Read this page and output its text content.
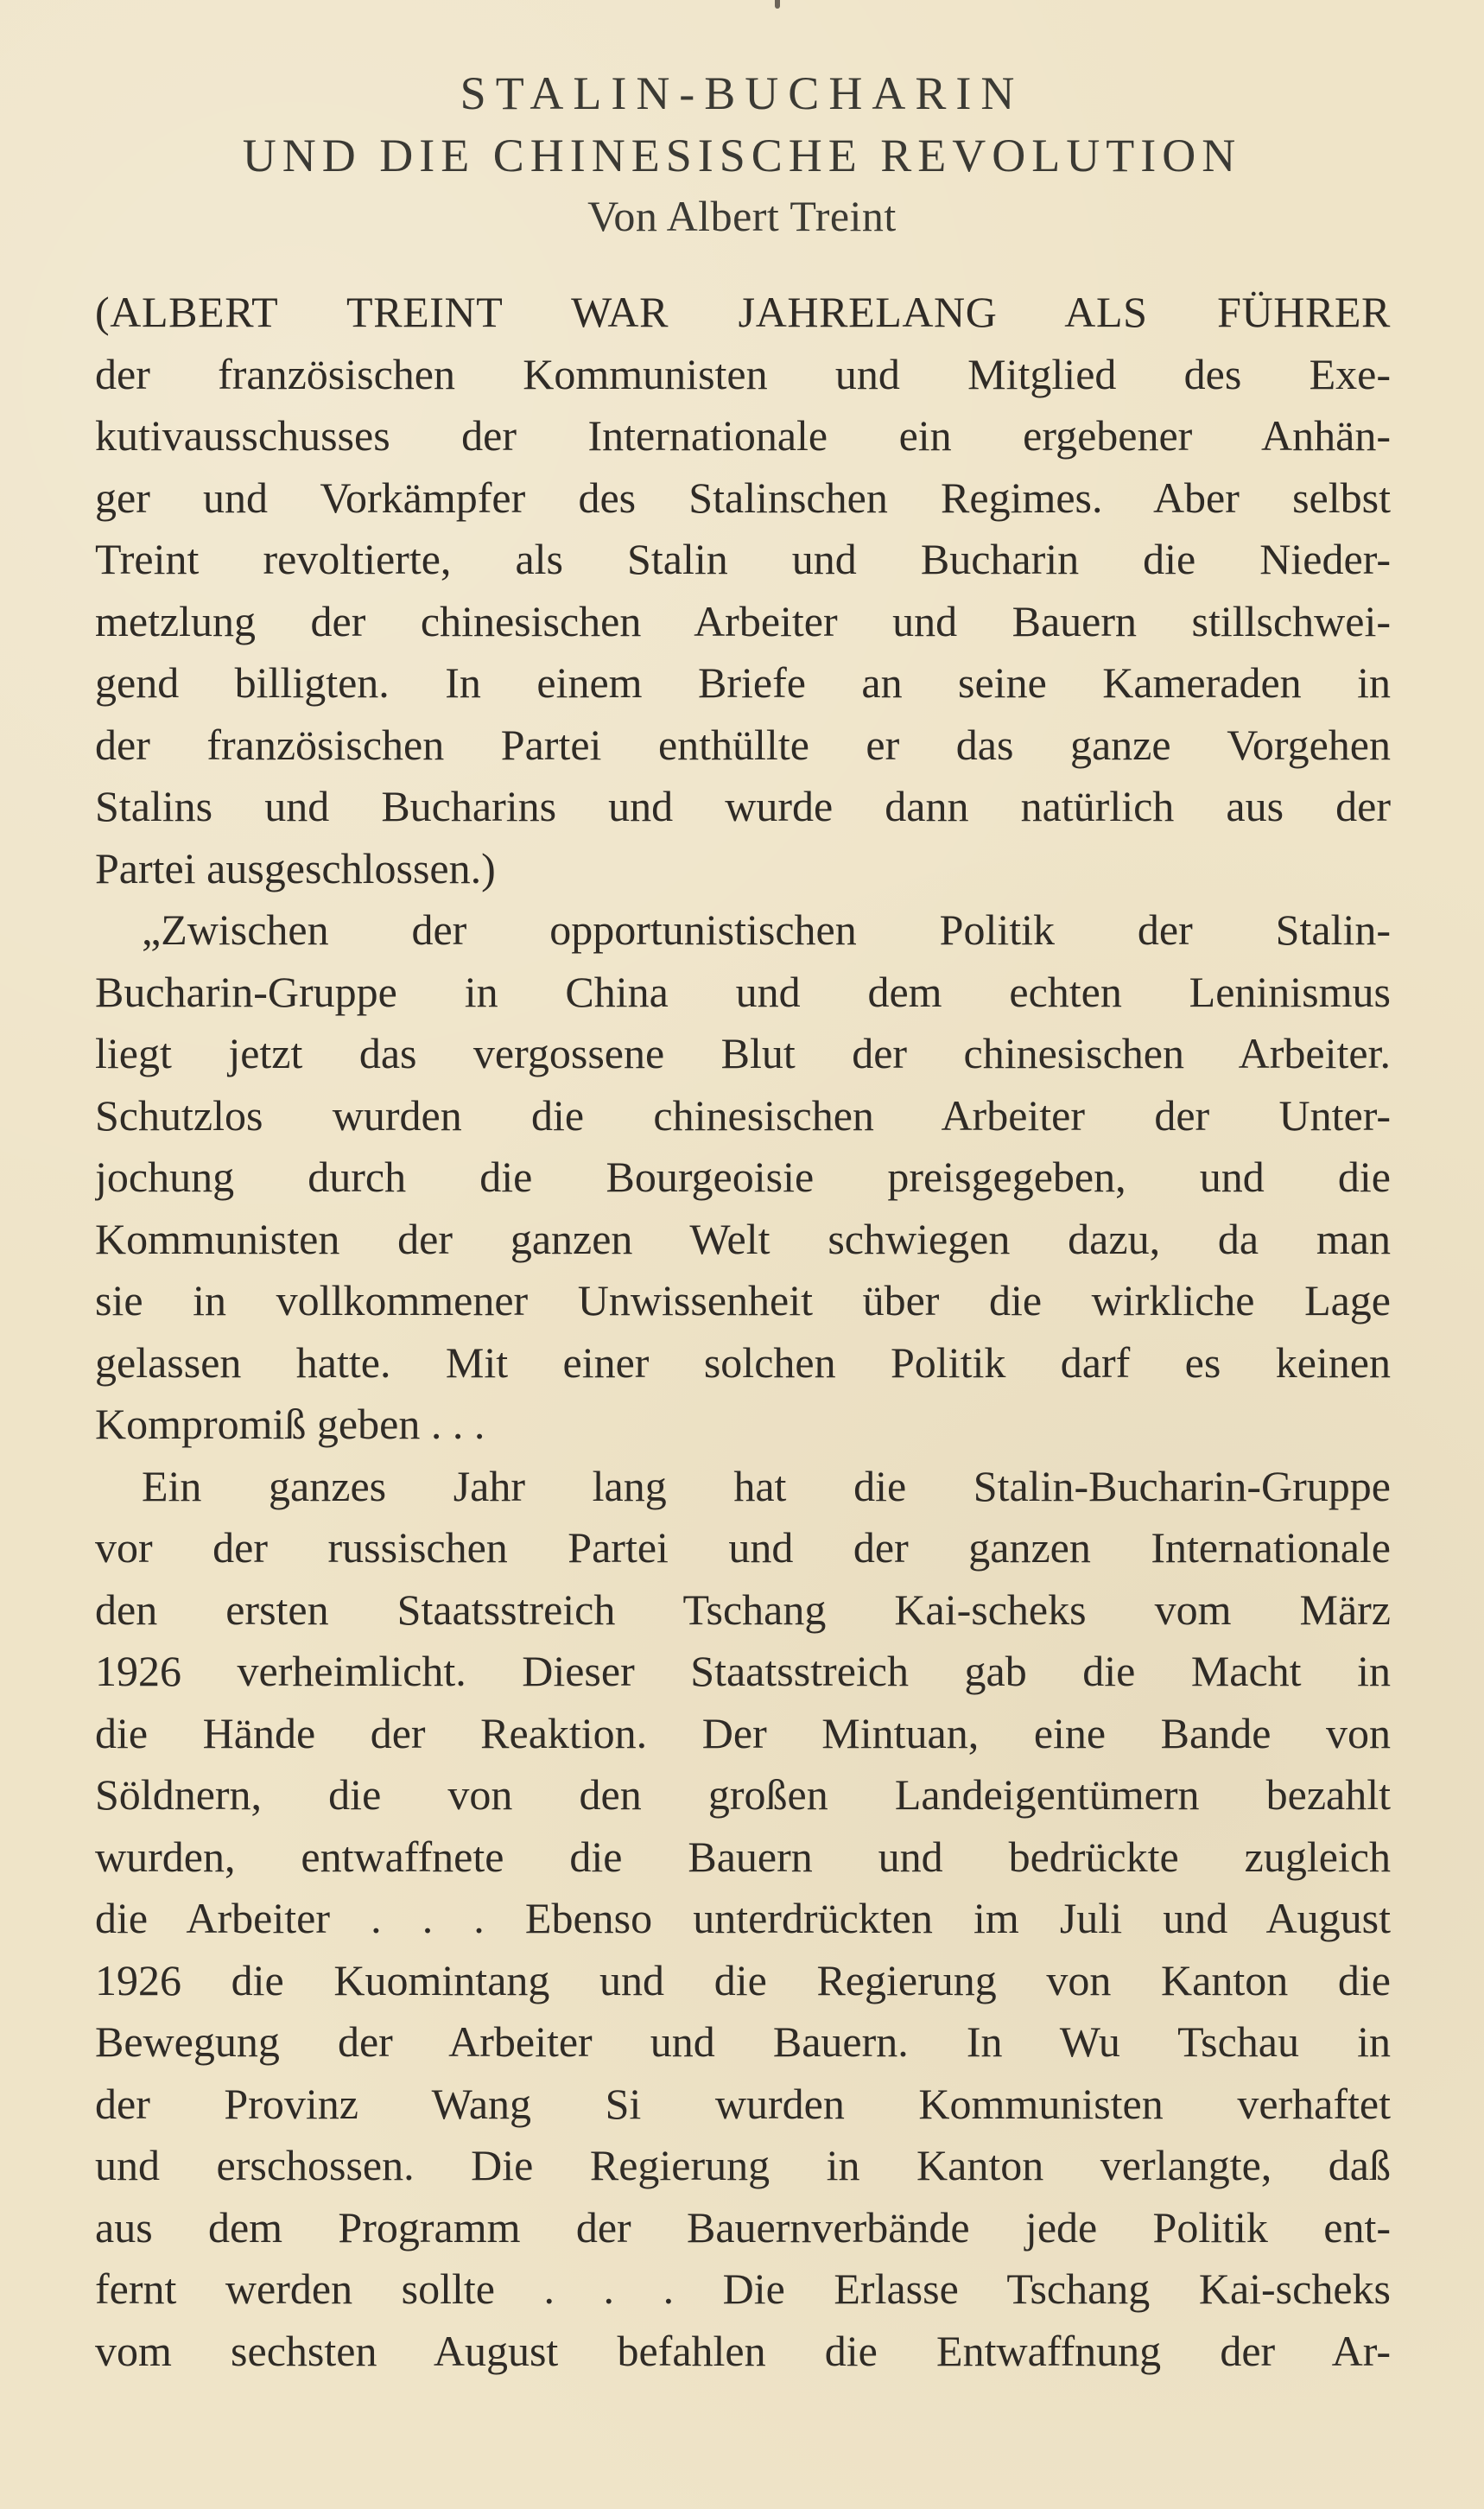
STALIN-BUCHARIN
UND DIE CHINESISCHE REVOLUTION
Von Albert Treint
(ALBERT TREINT WAR JAHRELANG ALS FÜHRER
der französischen Kommunisten und Mitglied des Exe-
kutivausschusses der Internationale ein ergebener Anhän-
ger und Vorkämpfer des Stalinschen Regimes. Aber selbst
Treint revoltierte, als Stalin und Bucharin die Nieder-
metzlung der chinesischen Arbeiter und Bauern stillschwei-
gend billigten. In einem Briefe an seine Kameraden in
der französischen Partei enthüllte er das ganze Vorgehen
Stalins und Bucharins und wurde dann natürlich aus der
Partei ausgeschlossen.)
„Zwischen der opportunistischen Politik der Stalin-
Bucharin-Gruppe in China und dem echten Leninismus
liegt jetzt das vergossene Blut der chinesischen Arbeiter.
Schutzlos wurden die chinesischen Arbeiter der Unter-
jochung durch die Bourgeoisie preisgegeben, und die
Kommunisten der ganzen Welt schwiegen dazu, da man
sie in vollkommener Unwissenheit über die wirkliche Lage
gelassen hatte. Mit einer solchen Politik darf es keinen
Kompromiß geben . . .
Ein ganzes Jahr lang hat die Stalin-Bucharin-Gruppe
vor der russischen Partei und der ganzen Internationale
den ersten Staatsstreich Tschang Kai-scheks vom März
1926 verheimlicht. Dieser Staatsstreich gab die Macht in
die Hände der Reaktion. Der Mintuan, eine Bande von
Söldnern, die von den großen Landeigentümern bezahlt
wurden, entwaffnete die Bauern und bedrückte zugleich
die Arbeiter . . . Ebenso unterdrückten im Juli und August
1926 die Kuomintang und die Regierung von Kanton die
Bewegung der Arbeiter und Bauern. In Wu Tschau in
der Provinz Wang Si wurden Kommunisten verhaftet
und erschossen. Die Regierung in Kanton verlangte, daß
aus dem Programm der Bauernverbände jede Politik ent-
fernt werden sollte . . . Die Erlasse Tschang Kai-scheks
vom sechsten August befahlen die Entwaffnung der Ar-
